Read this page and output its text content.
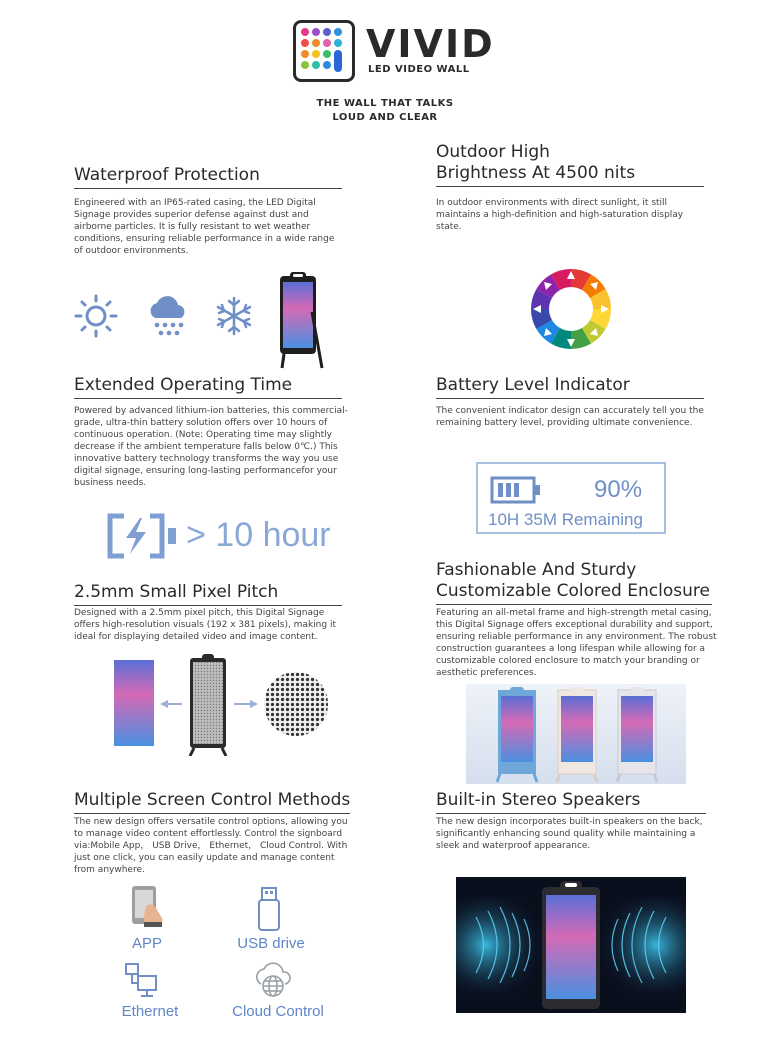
VIVID
LED VIDEO WALL
THE WALL THAT TALKS
LOUD AND CLEAR
Waterproof Protection
Engineered with an IP65-rated casing, the LED Digital Signage provides superior defense against dust and airborne particles. It is fully resistant to wet weather conditions, ensuring reliable performance in a wide range of outdoor environments.
Outdoor High
Brightness At 4500 nits
In outdoor environments with direct sunlight, it still maintains a high-definition and high-saturation display state.
Extended Operating Time
Powered by advanced lithium-ion batteries, this commercial-grade, ultra-thin battery solution offers over 10 hours of continuous operation. (Note: Operating time may slightly decrease if the ambient temperature falls below 0℃.) This innovative battery technology transforms the way you use digital signage, ensuring long-lasting performancefor your business needs.
> 10 hour
Battery Level Indicator
The convenient indicator design can accurately tell you the remaining battery level, providing ultimate convenience.
90%
10H 35M Remaining
2.5mm Small Pixel Pitch
Designed with a 2.5mm pixel pitch, this Digital Signage offers high-resolution visuals (192 x 381 pixels), making it ideal for displaying detailed video and image content.
Fashionable And Sturdy
Customizable Colored Enclosure
Featuring an all-metal frame and high-strength metal casing, this Digital Signage offers exceptional durability and support, ensuring reliable performance in any environment. The robust construction guarantees a long lifespan while allowing for a customizable colored enclosure to match your branding or aesthetic preferences.
Multiple Screen Control Methods
The new design offers versatile control options, allowing you to manage video content effortlessly. Control the signboard via:Mobile App， USB Drive， Ethernet， Cloud Control. With just one click, you can easily update and manage content from anywhere.
APP	USB drive
Ethernet	Cloud Control
Built-in Stereo Speakers
The new design incorporates built-in speakers on the back, significantly enhancing sound quality while maintaining a sleek and waterproof appearance.
